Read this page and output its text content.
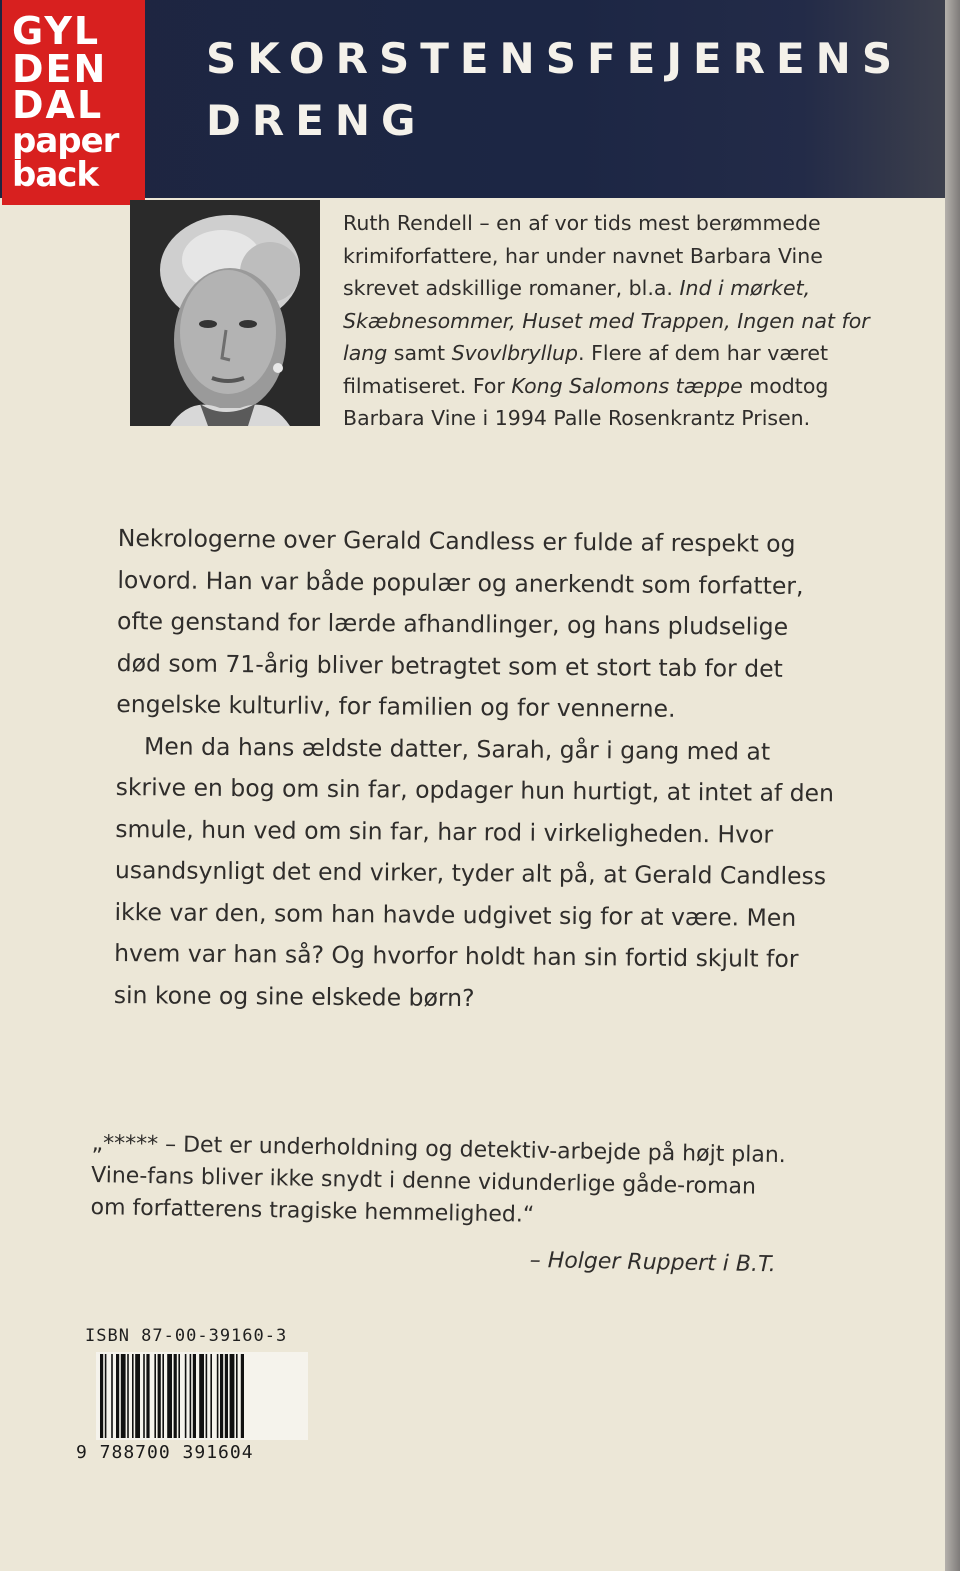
SKORSTENSFEJERENS
DRENG
GYL
DEN
DAL
paper
back

Ruth Rendell – en af vor tids mest berømmede krimiforfattere, har under navnet Barbara Vine skrevet adskillige romaner, bl.a. Ind i mørket, Skæbnesommer, Huset med Trappen, Ingen nat for lang samt Svovlbryllup. Flere af dem har været filmatiseret. For Kong Salomons tæppe modtog Barbara Vine i 1994 Palle Rosenkrantz Prisen.

Nekrologerne over Gerald Candless er fulde af respekt og lovord. Han var både populær og anerkendt som forfatter, ofte genstand for lærde afhandlinger, og hans pludselige død som 71-årig bliver betragtet som et stort tab for det engelske kulturliv, for familien og for vennerne.

Men da hans ældste datter, Sarah, går i gang med at skrive en bog om sin far, opdager hun hurtigt, at intet af den smule, hun ved om sin far, har rod i virkeligheden. Hvor usandsynligt det end virker, tyder alt på, at Gerald Candless ikke var den, som han havde udgivet sig for at være. Men hvem var han så? Og hvorfor holdt han sin fortid skjult for sin kone og sine elskede børn?

„***** – Det er underholdning og detektiv-arbejde på højt plan. Vine-fans bliver ikke snydt i denne vidunderlige gåde-roman om forfatterens tragiske hemmelighed.“

– Holger Ruppert i B.T.
ISBN 87-00-39160-3
9 788700 391604
